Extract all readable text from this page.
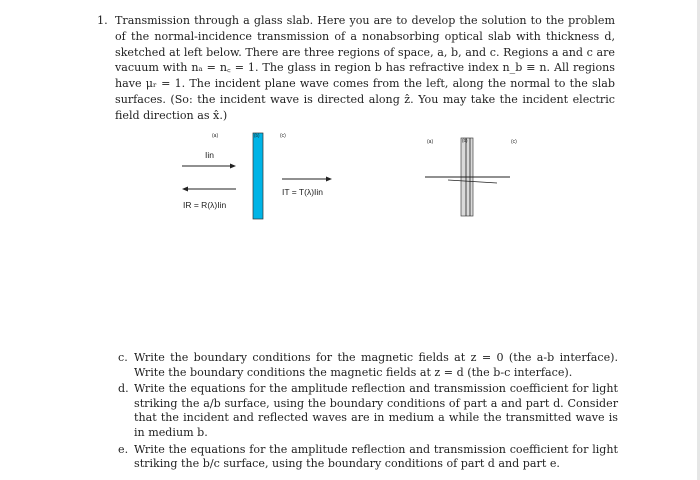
1. Transmission through a glass slab. Here you are to develop the solution to the problem of the normal-incidence transmission of a nonabsorbing optical slab with thickness d, sketched at left below. There are three regions of space, a, b, and c. Regions a and c are vacuum with nₐ = n꜀ = 1. The glass in region b has refractive index n_b ≡ n. All regions have μᵣ = 1. The incident plane wave comes from the left, along the normal to the slab surfaces. (So: the incident wave is directed along ẑ. You may take the incident electric field direction as x̂.)

(a)	(b)	(c)
Iin
IR = R(λ)Iin
IT = T(λ)Iin
(a)	(b)	(c)
c. Write the boundary conditions for the magnetic fields at z = 0 (the a-b interface). Write the boundary conditions the magnetic fields at z = d (the b-c interface).
d. Write the equations for the amplitude reflection and transmission coefficient for light striking the a/b surface, using the boundary conditions of part a and part d. Consider that the incident and reflected waves are in medium a while the transmitted wave is in medium b.
e. Write the equations for the amplitude reflection and transmission coefficient for light striking the b/c surface, using the boundary conditions of part d and part e.
